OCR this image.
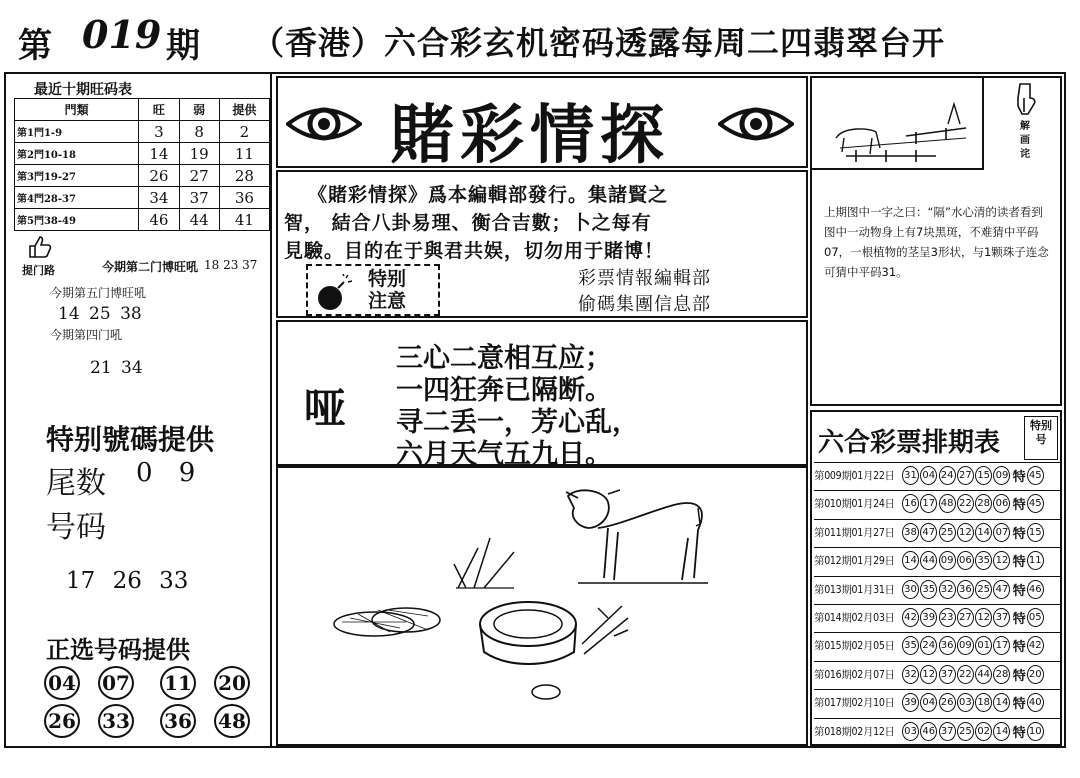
第 019 期 （香港）六合彩玄机密码透露每周二四翡翠台开
最近十期旺码表
門類	旺	弱	提供
第1門1-9	3	8	2
第2門10-18	14	19	11
第3門19-27	26	27	28
第4門28-37	34	37	36
第5門38-49	46	44	41
提门路	今期第二门博旺吼 18 23 37
今期第五门博旺吼
14 25 38
今期第四门吼
21 34
特别號碼提供
尾数 0 9
号码
17 26 33
正选号码提供
04 07 11 20
26 33 36 48
賭彩情探
《賭彩情探》爲本編輯部發行。集諸賢之
智， 結合八卦易理、衡合吉數；卜之每有
見驗。目的在于與君共娱，切勿用于賭博！
特别
注意
彩票情報編輯部
偷碼集團信息部
哑
三心二意相互应；
一四狂奔已隔断。
寻二丢一，芳心乱，
六月天气五九日。
解画诧
上期图中一字之曰：“隔”水心清的读者看到图中一动物身上有7块黑斑，不难猜中平码07，一根植物的茎呈3形状，与1颗珠子连念可猜中平码31。
六合彩票排期表
特别号
第009期01月22日 31 04 24 27 15 09 特 45
第010期01月24日 16 17 48 22 28 06 特 45
第011期01月27日 38 47 25 12 14 07 特 15
第012期01月29日 14 44 09 06 35 12 特 11
第013期01月31日 30 35 32 36 25 47 特 46
第014期02月03日 42 39 23 27 12 37 特 05
第015期02月05日 35 24 36 09 01 17 特 42
第016期02月07日 32 12 37 22 44 28 特 20
第017期02月10日 39 04 26 03 18 14 特 40
第018期02月12日 03 46 37 25 02 14 特 10
